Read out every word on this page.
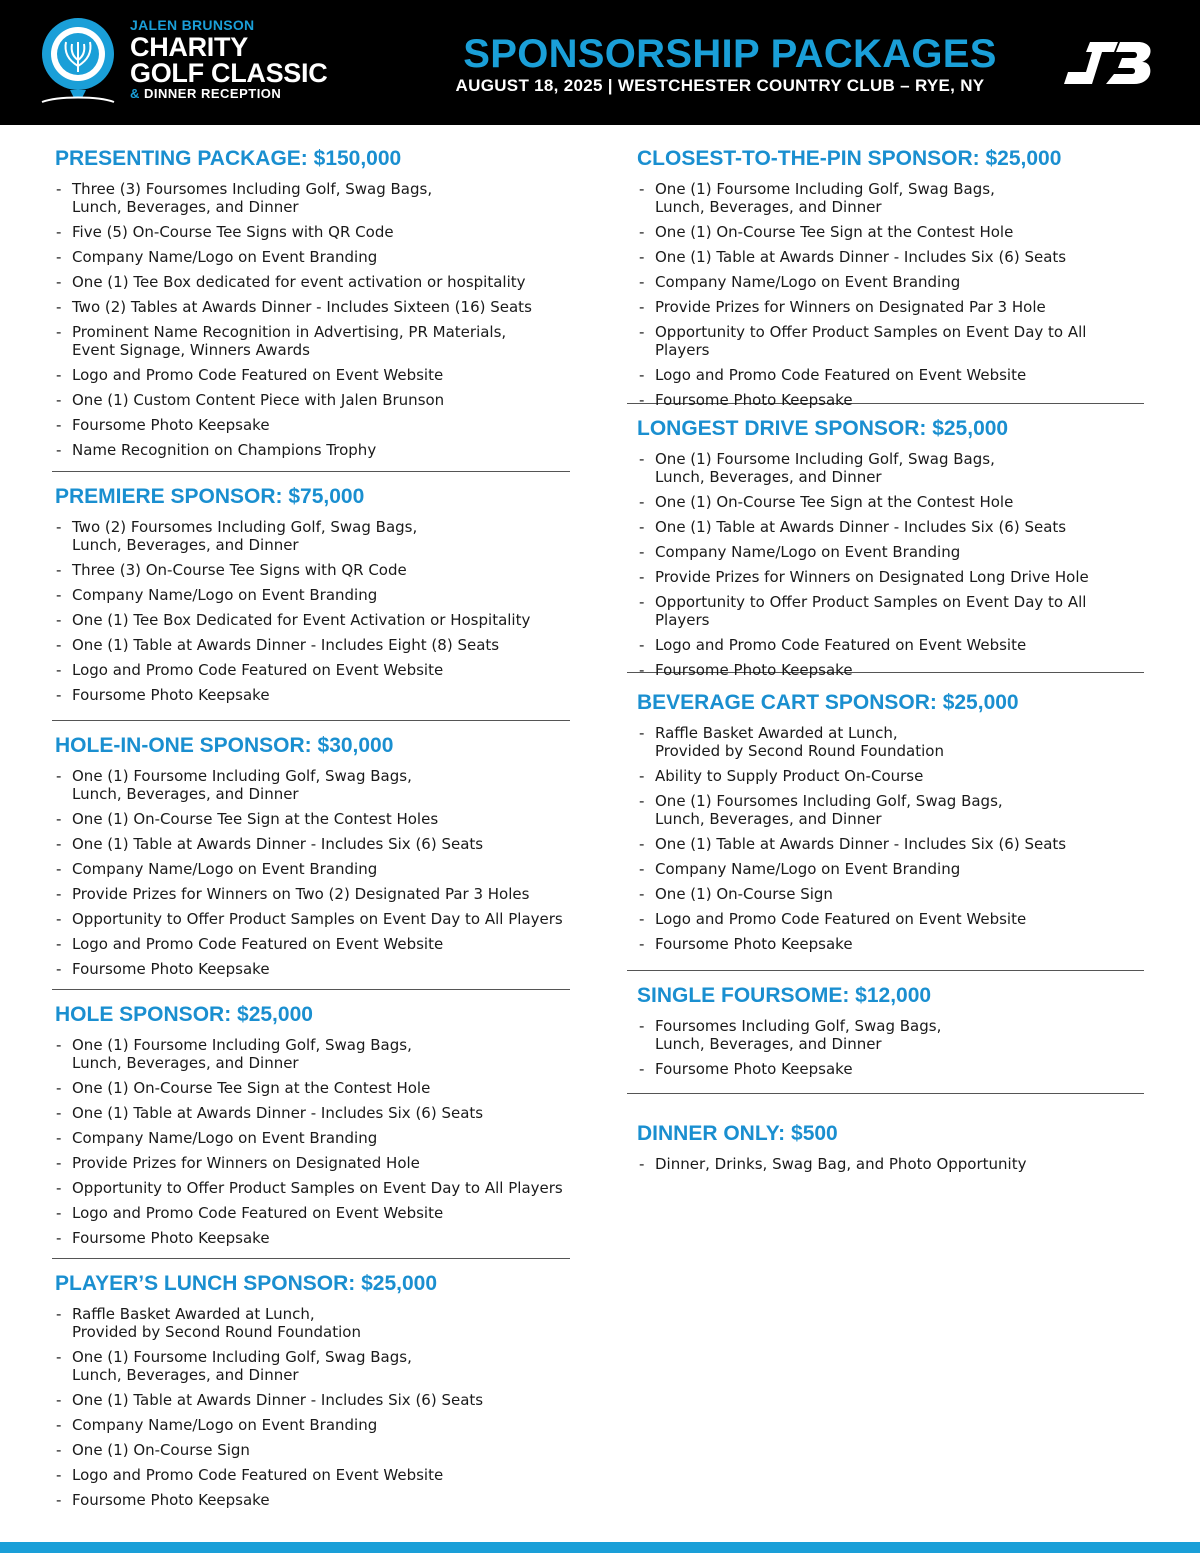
JALEN BRUNSON
CHARITY
GOLF CLASSIC
& DINNER RECEPTION
SPONSORSHIP PACKAGES
AUGUST 18, 2025 | WESTCHESTER COUNTRY CLUB – RYE, NY
PRESENTING PACKAGE: $150,000
- Three (3) Foursomes Including Golf, Swag Bags,
Lunch, Beverages, and Dinner
- Five (5) On-Course Tee Signs with QR Code
- Company Name/Logo on Event Branding
- One (1) Tee Box dedicated for event activation or hospitality
- Two (2) Tables at Awards Dinner - Includes Sixteen (16) Seats
- Prominent Name Recognition in Advertising, PR Materials,
Event Signage, Winners Awards
- Logo and Promo Code Featured on Event Website
- One (1) Custom Content Piece with Jalen Brunson
- Foursome Photo Keepsake
- Name Recognition on Champions Trophy
PREMIERE SPONSOR: $75,000
- Two (2) Foursomes Including Golf, Swag Bags,
Lunch, Beverages, and Dinner
- Three (3) On-Course Tee Signs with QR Code
- Company Name/Logo on Event Branding
- One (1) Tee Box Dedicated for Event Activation or Hospitality
- One (1) Table at Awards Dinner - Includes Eight (8) Seats
- Logo and Promo Code Featured on Event Website
- Foursome Photo Keepsake
HOLE-IN-ONE SPONSOR: $30,000
- One (1) Foursome Including Golf, Swag Bags,
Lunch, Beverages, and Dinner
- One (1) On-Course Tee Sign at the Contest Holes
- One (1) Table at Awards Dinner - Includes Six (6) Seats
- Company Name/Logo on Event Branding
- Provide Prizes for Winners on Two (2) Designated Par 3 Holes
- Opportunity to Offer Product Samples on Event Day to All Players
- Logo and Promo Code Featured on Event Website
- Foursome Photo Keepsake
HOLE SPONSOR: $25,000
- One (1) Foursome Including Golf, Swag Bags,
Lunch, Beverages, and Dinner
- One (1) On-Course Tee Sign at the Contest Hole
- One (1) Table at Awards Dinner - Includes Six (6) Seats
- Company Name/Logo on Event Branding
- Provide Prizes for Winners on Designated Hole
- Opportunity to Offer Product Samples on Event Day to All Players
- Logo and Promo Code Featured on Event Website
- Foursome Photo Keepsake
PLAYER’S LUNCH SPONSOR: $25,000
- Raffle Basket Awarded at Lunch,
Provided by Second Round Foundation
- One (1) Foursome Including Golf, Swag Bags,
Lunch, Beverages, and Dinner
- One (1) Table at Awards Dinner - Includes Six (6) Seats
- Company Name/Logo on Event Branding
- One (1) On-Course Sign
- Logo and Promo Code Featured on Event Website
- Foursome Photo Keepsake
CLOSEST-TO-THE-PIN SPONSOR: $25,000
- One (1) Foursome Including Golf, Swag Bags,
Lunch, Beverages, and Dinner
- One (1) On-Course Tee Sign at the Contest Hole
- One (1) Table at Awards Dinner - Includes Six (6) Seats
- Company Name/Logo on Event Branding
- Provide Prizes for Winners on Designated Par 3 Hole
- Opportunity to Offer Product Samples on Event Day to All Players
- Logo and Promo Code Featured on Event Website
- Foursome Photo Keepsake
LONGEST DRIVE SPONSOR: $25,000
- One (1) Foursome Including Golf, Swag Bags,
Lunch, Beverages, and Dinner
- One (1) On-Course Tee Sign at the Contest Hole
- One (1) Table at Awards Dinner - Includes Six (6) Seats
- Company Name/Logo on Event Branding
- Provide Prizes for Winners on Designated Long Drive Hole
- Opportunity to Offer Product Samples on Event Day to All Players
- Logo and Promo Code Featured on Event Website
- Foursome Photo Keepsake
BEVERAGE CART SPONSOR: $25,000
- Raffle Basket Awarded at Lunch,
Provided by Second Round Foundation
- Ability to Supply Product On-Course
- One (1) Foursomes Including Golf, Swag Bags,
Lunch, Beverages, and Dinner
- One (1) Table at Awards Dinner - Includes Six (6) Seats
- Company Name/Logo on Event Branding
- One (1) On-Course Sign
- Logo and Promo Code Featured on Event Website
- Foursome Photo Keepsake
SINGLE FOURSOME: $12,000
- Foursomes Including Golf, Swag Bags,
Lunch, Beverages, and Dinner
- Foursome Photo Keepsake
DINNER ONLY: $500
- Dinner, Drinks, Swag Bag, and Photo Opportunity
